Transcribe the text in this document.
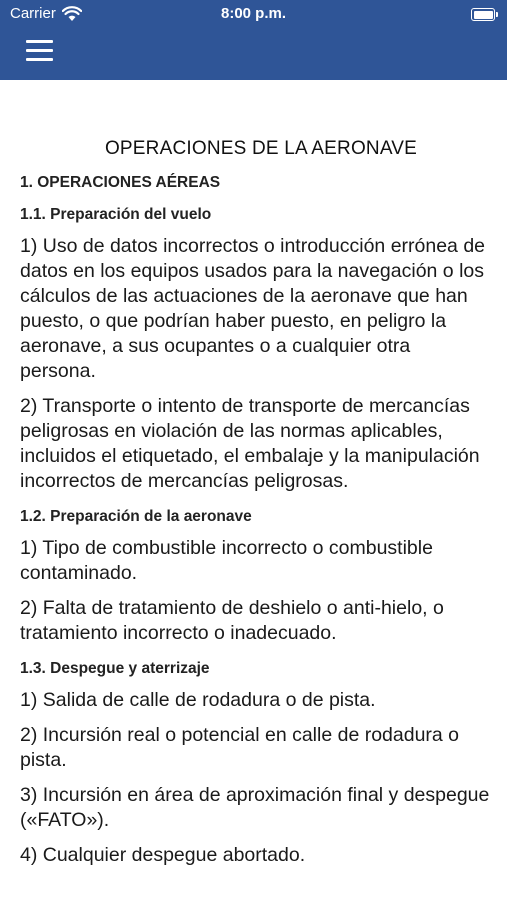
Carrier	8:00 p.m.
OPERACIONES DE LA AERONAVE
1. OPERACIONES AÉREAS
1.1. Preparación del vuelo

1) Uso de datos incorrectos o introducción errónea de datos en los equipos usados para la navegación o los cálculos de las actuaciones de la aeronave que han puesto, o que podrían haber puesto, en peligro la aeronave, a sus ocupantes o a cualquier otra persona.

2) Transporte o intento de transporte de mercancías peligrosas en violación de las normas aplicables, incluidos el etiquetado, el embalaje y la manipulación incorrectos de mercancías peligrosas.

1.2. Preparación de la aeronave

1) Tipo de combustible incorrecto o combustible contaminado.

2) Falta de tratamiento de deshielo o anti-hielo, o tratamiento incorrecto o inadecuado.

1.3. Despegue y aterrizaje

1) Salida de calle de rodadura o de pista.

2) Incursión real o potencial en calle de rodadura o pista.

3) Incursión en área de aproximación final y despegue («FATO»).

4) Cualquier despegue abortado.
